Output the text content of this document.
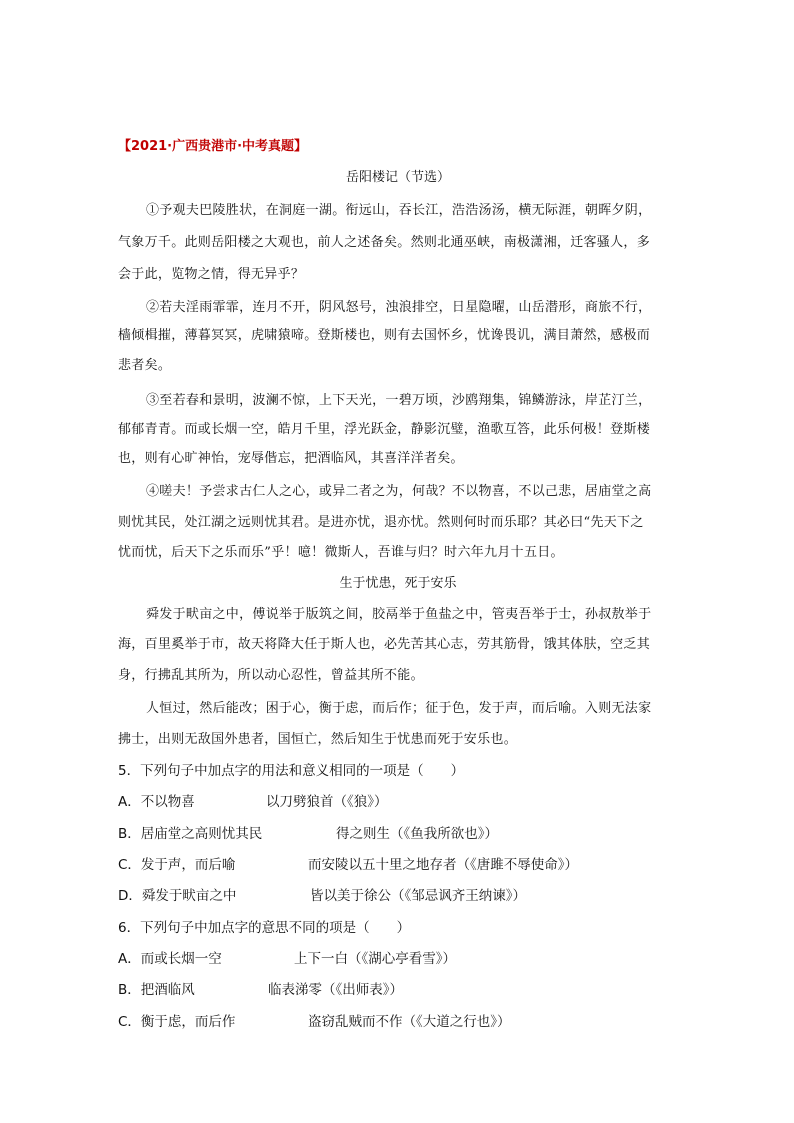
【2021·广西贵港市·中考真题】
岳阳楼记（节选）
①予观夫巴陵胜状，在洞庭一湖。衔远山，吞长江，浩浩汤汤，横无际涯，朝晖夕阴，
气象万千。此则岳阳楼之大观也，前人之述备矣。然则北通巫峡，南极潇湘，迁客骚人，多
会于此，览物之情，得无异乎？
②若夫淫雨霏霏，连月不开，阴风怒号，浊浪排空，日星隐曜，山岳潜形，商旅不行，
樯倾楫摧，薄暮冥冥，虎啸猿啼。登斯楼也，则有去国怀乡，忧谗畏讥，满目萧然，感极而
悲者矣。
③至若春和景明，波澜不惊，上下天光，一碧万顷，沙鸥翔集，锦鳞游泳，岸芷汀兰，
郁郁青青。而或长烟一空，皓月千里，浮光跃金，静影沉璧，渔歌互答，此乐何极！登斯楼
也，则有心旷神怡，宠辱偕忘，把酒临风，其喜洋洋者矣。
④嗟夫！予尝求古仁人之心，或异二者之为，何哉？不以物喜，不以己悲，居庙堂之高
则忧其民，处江湖之远则忧其君。是进亦忧，退亦忧。然则何时而乐耶？其必曰“先天下之
忧而忧，后天下之乐而乐”乎！噫！微斯人，吾谁与归？时六年九月十五日。
生于忧患，死于安乐
舜发于畎亩之中，傅说举于版筑之间，胶鬲举于鱼盐之中，管夷吾举于士，孙叔敖举于
海，百里奚举于市，故天将降大任于斯人也，必先苦其心志，劳其筋骨，饿其体肤，空乏其
身，行拂乱其所为，所以动心忍性，曾益其所不能。
人恒过，然后能改；困于心，衡于虑，而后作；征于色，发于声，而后喻。入则无法家
拂士，出则无敌国外患者，国恒亡，然后知生于忧患而死于安乐也。
5．下列句子中加点字的用法和意义相同的一项是（　　）
A．不以物喜	以刀劈狼首（《狼》）
B．居庙堂之高则忧其民	得之则生（《鱼我所欲也》）
C．发于声，而后喻	而安陵以五十里之地存者（《唐雎不辱使命》）
D．舜发于畎亩之中	皆以美于徐公（《邹忌讽齐王纳谏》）
6．下列句子中加点字的意思不同的项是（　　）
A．而或长烟一空	上下一白（《湖心亭看雪》）
B．把酒临风	临表涕零（《出师表》）
C．衡于虑，而后作	盗窃乱贼而不作（《大道之行也》）
